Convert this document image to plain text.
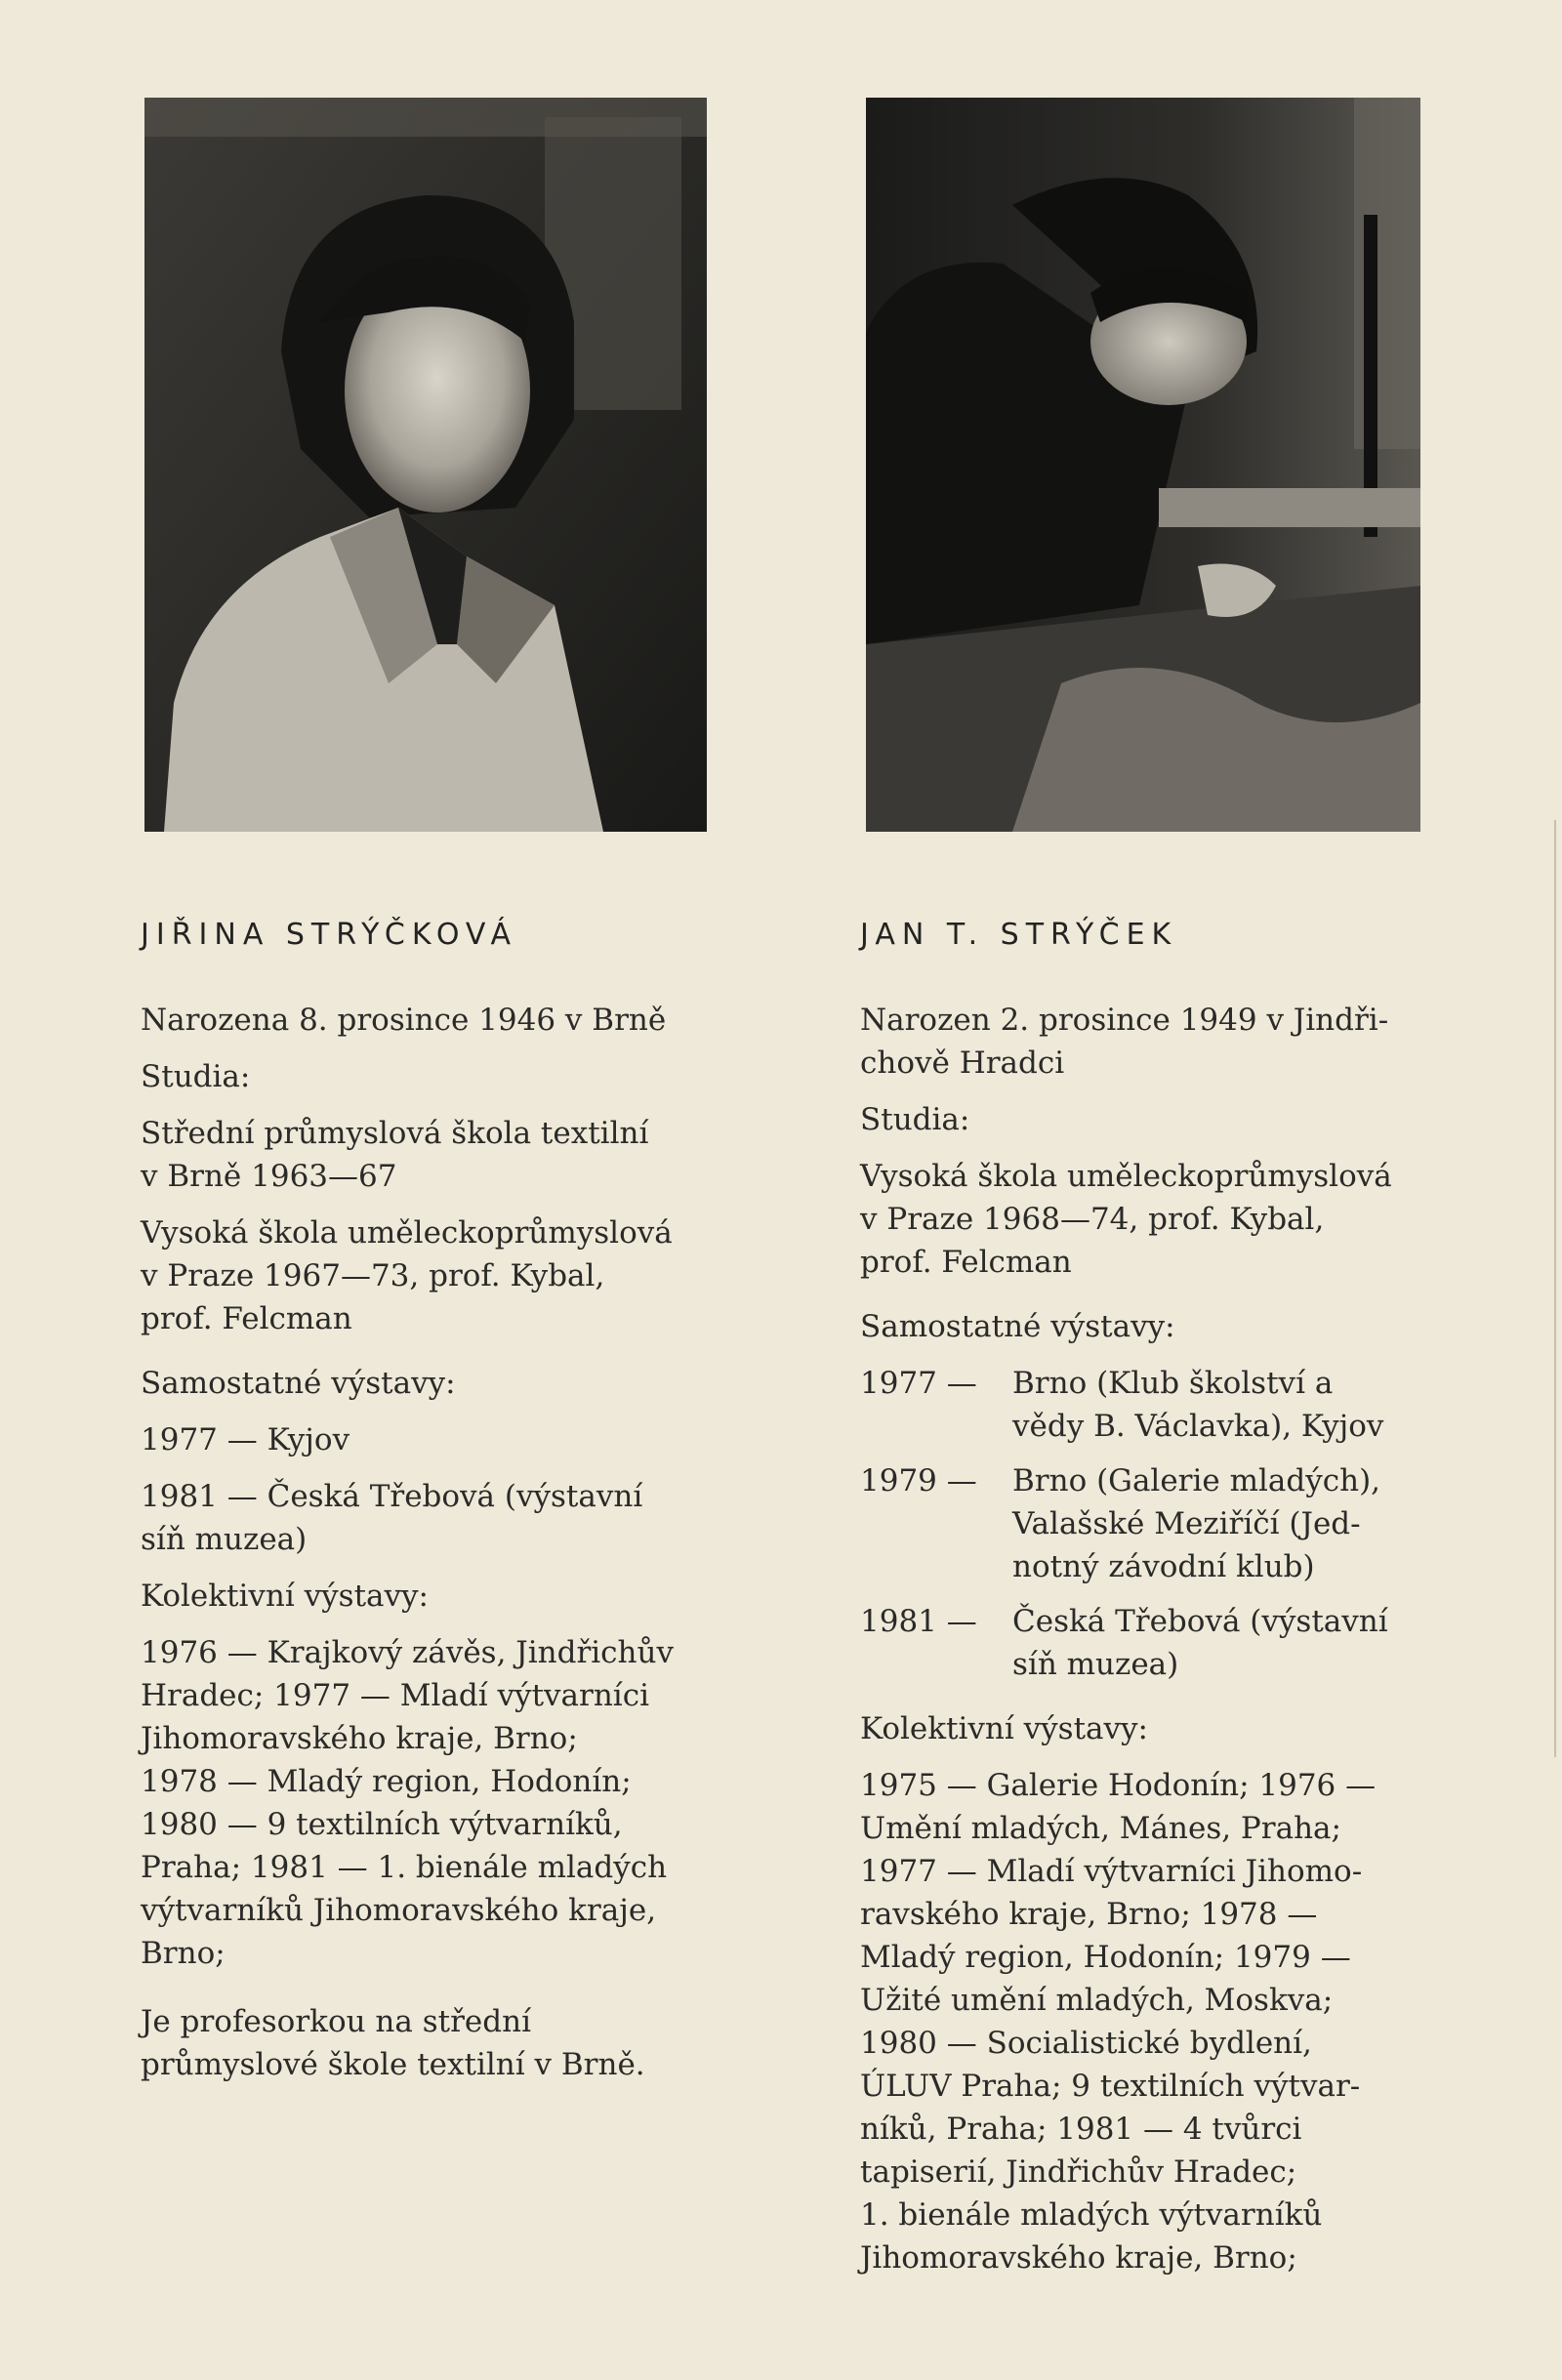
JIŘINA STRÝČKOVÁ

Narozena 8. prosince 1946 v Brně

Studia:

Střední průmyslová škola textilní
v Brně 1963—67

Vysoká škola uměleckoprůmyslová
v Praze 1967—73, prof. Kybal,
prof. Felcman

Samostatné výstavy:

1977 — Kyjov

1981 — Česká Třebová (výstavní
síň muzea)

Kolektivní výstavy:

1976 — Krajkový závěs, Jindřichův
Hradec; 1977 — Mladí výtvarníci
Jihomoravského kraje, Brno;
1978 — Mladý region, Hodonín;
1980 — 9 textilních výtvarníků,
Praha; 1981 — 1. bienále mladých
výtvarníků Jihomoravského kraje,
Brno;

Je profesorkou na střední
průmyslové škole textilní v Brně.

JAN T. STRÝČEK

Narozen 2. prosince 1949 v Jindři-
chově Hradci

Studia:

Vysoká škola uměleckoprůmyslová
v Praze 1968—74, prof. Kybal,
prof. Felcman

Samostatné výstavy:

1977 —	Brno (Klub školství a
vědy B. Václavka), Kyjov
1979 —	Brno (Galerie mladých),
Valašské Meziříčí (Jed-
notný závodní klub)
1981 —	Česká Třebová (výstavní
síň muzea)

Kolektivní výstavy:

1975 — Galerie Hodonín; 1976 —
Umění mladých, Mánes, Praha;
1977 — Mladí výtvarníci Jihomo-
ravského kraje, Brno; 1978 —
Mladý region, Hodonín; 1979 —
Užité umění mladých, Moskva;
1980 — Socialistické bydlení,
ÚLUV Praha; 9 textilních výtvar-
níků, Praha; 1981 — 4 tvůrci
tapiserií, Jindřichův Hradec;
1. bienále mladých výtvarníků
Jihomoravského kraje, Brno;
